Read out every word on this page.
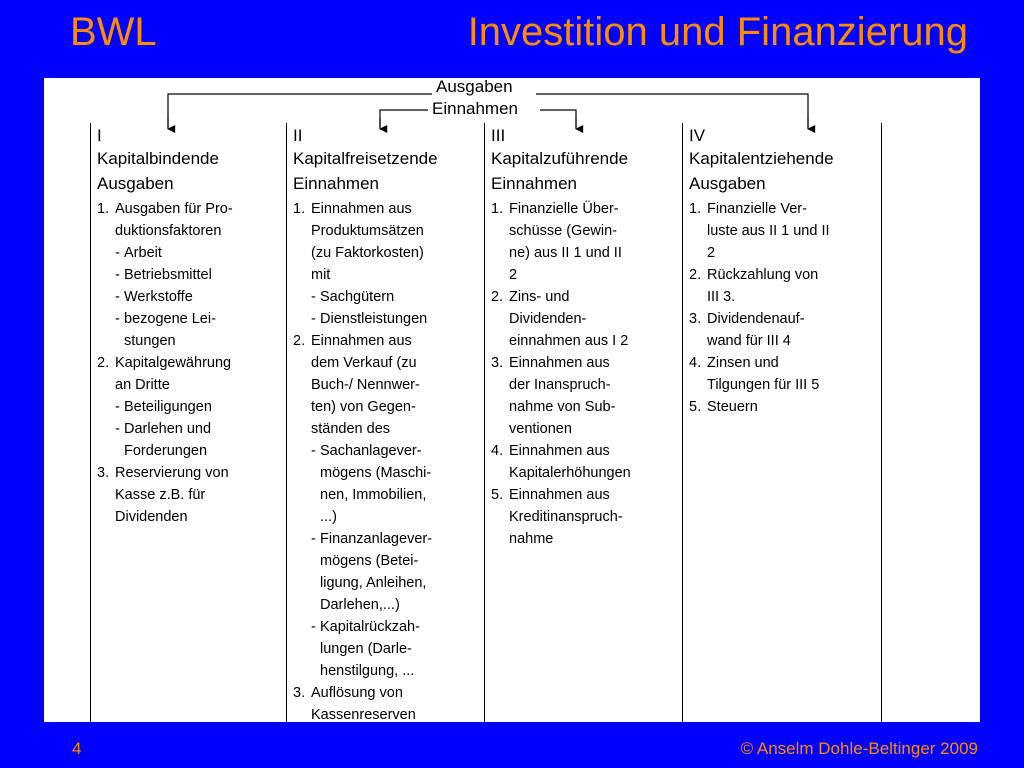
BWL	Investition und Finanzierung
Ausgaben
Einnahmen
I
Kapitalbindende
Ausgaben
1. Ausgaben für Pro-
duktionsfaktoren
- Arbeit
- Betriebsmittel
- Werkstoffe
- bezogene Lei-
stungen
2. Kapitalgewährung
an Dritte
- Beteiligungen
- Darlehen und
Forderungen
3. Reservierung von
Kasse z.B. für
Dividenden
II
Kapitalfreisetzende
Einnahmen
1. Einnahmen aus
Produktumsätzen
(zu Faktorkosten)
mit
- Sachgütern
- Dienstleistungen
2. Einnahmen aus
dem Verkauf (zu
Buch-/ Nennwer-
ten) von Gegen-
ständen des
- Sachanlagever-
mögens (Maschi-
nen, Immobilien,
...)
- Finanzanlagever-
mögens (Betei-
ligung, Anleihen,
Darlehen,...)
- Kapitalrückzah-
lungen (Darle-
henstilgung, ...
3. Auflösung von
Kassenreserven
III
Kapitalzuführende
Einnahmen
1. Finanzielle Über-
schüsse (Gewin-
ne) aus II 1 und II
2
2. Zins- und
Dividenden-
einnahmen aus I 2
3. Einnahmen aus
der Inanspruch-
nahme von Sub-
ventionen
4. Einnahmen aus
Kapitalerhöhungen
5. Einnahmen aus
Kreditinanspruch-
nahme
IV
Kapitalentziehende
Ausgaben
1. Finanzielle Ver-
luste aus II 1 und II
2
2. Rückzahlung von
III 3.
3. Dividendenauf-
wand für III 4
4. Zinsen und
Tilgungen für III 5
5. Steuern
4	© Anselm Dohle-Beltinger 2009
